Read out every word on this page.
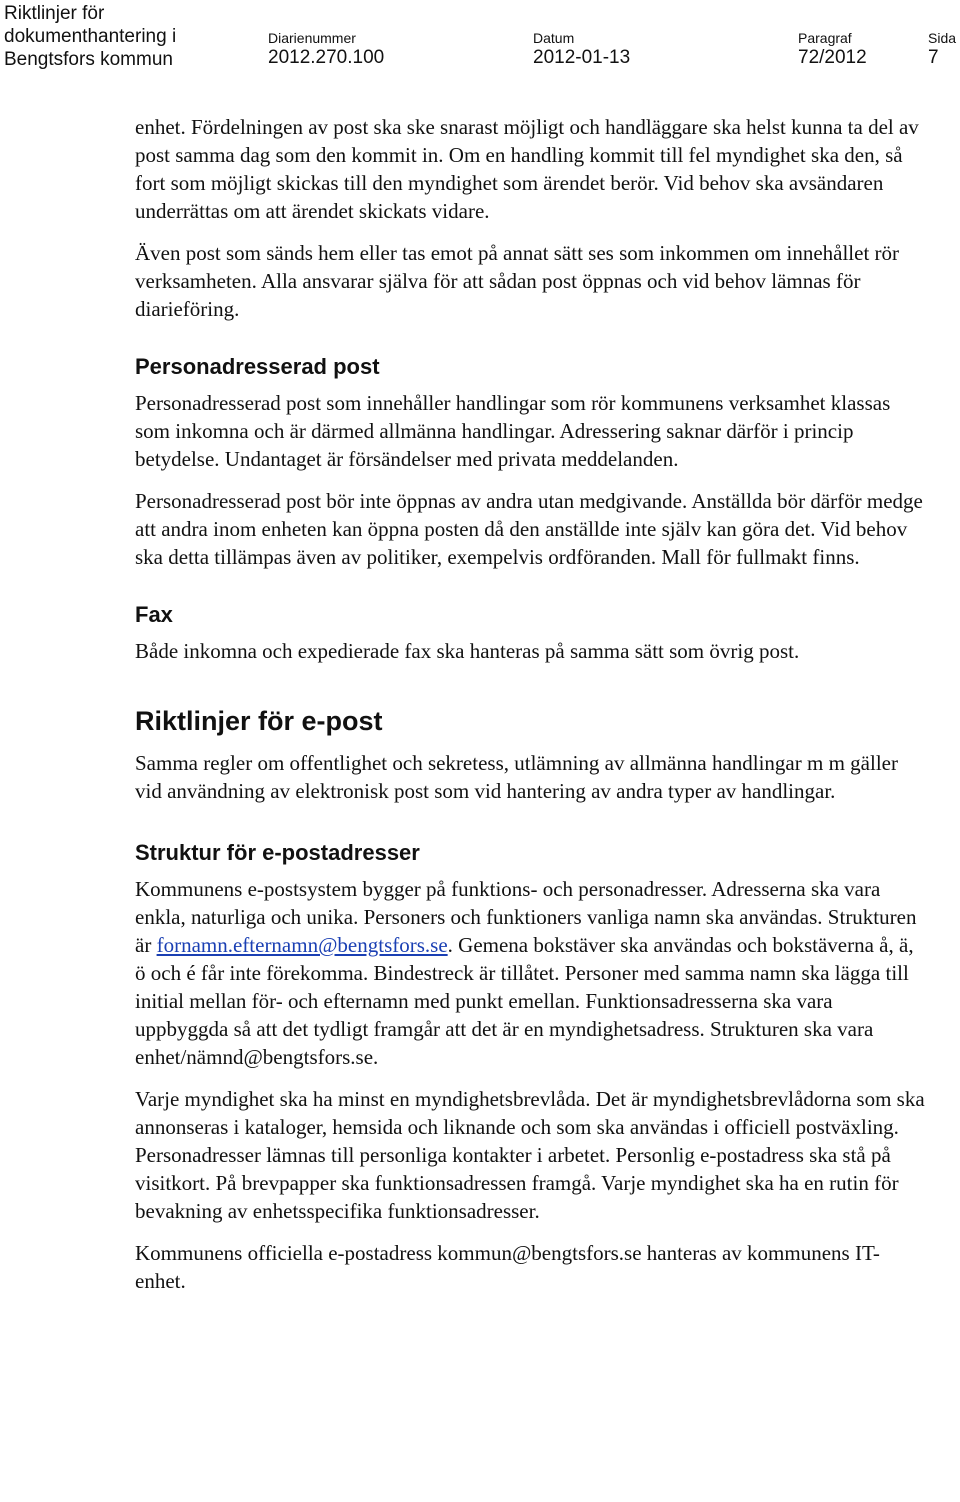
Riktlinjer för
dokumenthantering i
Bengtsfors kommun
Diarienummer
2012.270.100
Datum
2012-01-13
Paragraf
72/2012
Sida
7

enhet. Fördelningen av post ska ske snarast möjligt och handläggare ska helst kunna ta del av post samma dag som den kommit in. Om en handling kommit till fel myndighet ska den, så fort som möjligt skickas till den myndighet som ärendet berör. Vid behov ska avsändaren underrättas om att ärendet skickats vidare.

Även post som sänds hem eller tas emot på annat sätt ses som inkommen om innehållet rör verksamheten. Alla ansvarar själva för att sådan post öppnas och vid behov lämnas för diarieföring.

Personadresserad post

Personadresserad post som innehåller handlingar som rör kommunens verksamhet klassas som inkomna och är därmed allmänna handlingar. Adressering saknar därför i princip betydelse. Undantaget är försändelser med privata meddelanden.

Personadresserad post bör inte öppnas av andra utan medgivande. Anställda bör därför medge att andra inom enheten kan öppna posten då den anställde inte själv kan göra det. Vid behov ska detta tillämpas även av politiker, exempelvis ordföranden. Mall för fullmakt finns.

Fax

Både inkomna och expedierade fax ska hanteras på samma sätt som övrig post.

Riktlinjer för e-post

Samma regler om offentlighet och sekretess, utlämning av allmänna handlingar m m gäller vid användning av elektronisk post som vid hantering av andra typer av handlingar.

Struktur för e-postadresser

Kommunens e-postsystem bygger på funktions- och personadresser. Adresserna ska vara enkla, naturliga och unika. Personers och funktioners vanliga namn ska användas. Strukturen är fornamn.efternamn@bengtsfors.se. Gemena bokstäver ska användas och bokstäverna å, ä, ö och é får inte förekomma. Bindestreck är tillåtet. Personer med samma namn ska lägga till initial mellan för- och efternamn med punkt emellan. Funktionsadresserna ska vara uppbyggda så att det tydligt framgår att det är en myndighetsadress. Strukturen ska vara enhet/nämnd@bengtsfors.se.

Varje myndighet ska ha minst en myndighetsbrevlåda. Det är myndighetsbrevlådorna som ska annonseras i kataloger, hemsida och liknande och som ska användas i officiell postväxling. Personadresser lämnas till personliga kontakter i arbetet. Personlig e-postadress ska stå på visitkort. På brevpapper ska funktionsadressen framgå. Varje myndighet ska ha en rutin för bevakning av enhetsspecifika funktionsadresser.

Kommunens officiella e-postadress kommun@bengtsfors.se hanteras av kommunens IT-enhet.
